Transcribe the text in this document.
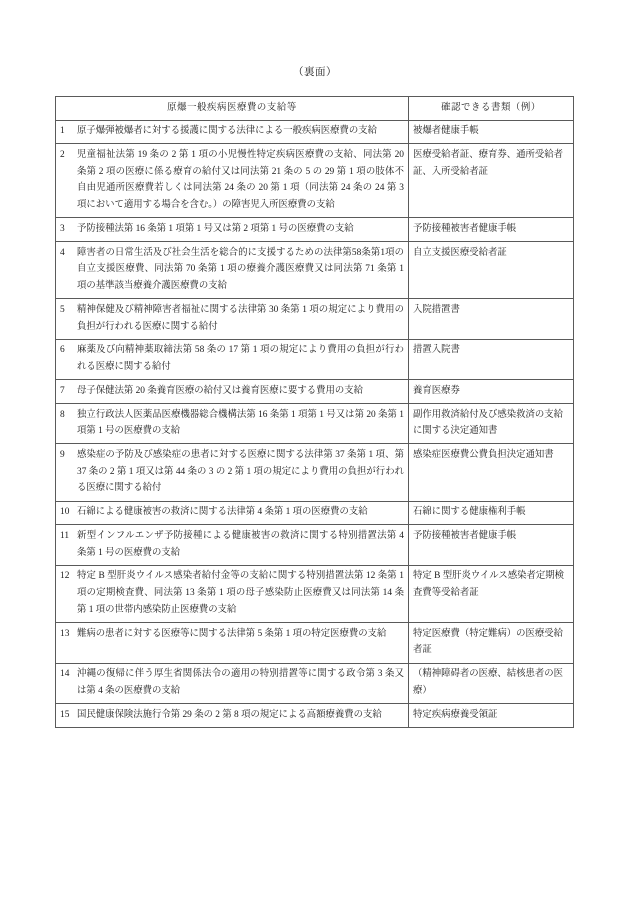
（裏面）
原爆一般疾病医療費の支給等	確認できる書類（例）

1 原子爆弾被爆者に対する援護に関する法律による一般疾病医療費の支給	被爆者健康手帳

2 児童福祉法第 19 条の 2 第 1 項の小児慢性特定疾病医療費の支給、同法第 20 条第 2 項の医療に係る療育の給付又は同法第 21 条の 5 の 29 第 1 項の肢体不自由児通所医療費若しくは同法第 24 条の 20 第 1 項（同法第 24 条の 24 第 3 項において適用する場合を含む。）の障害児入所医療費の支給	医療受給者証、療育券、通所受給者証、入所受給者証

3 予防接種法第 16 条第 1 項第 1 号又は第 2 項第 1 号の医療費の支給	予防接種被害者健康手帳

4 障害者の日常生活及び社会生活を総合的に支援するための法律第58条第1項の自立支援医療費、同法第 70 条第 1 項の療養介護医療費又は同法第 71 条第 1 項の基準該当療養介護医療費の支給	自立支援医療受給者証

5 精神保健及び精神障害者福祉に関する法律第 30 条第 1 項の規定により費用の負担が行われる医療に関する給付	入院措置書

6 麻薬及び向精神薬取締法第 58 条の 17 第 1 項の規定により費用の負担が行われる医療に関する給付	措置入院書

7 母子保健法第 20 条養育医療の給付又は養育医療に要する費用の支給	養育医療券

8 独立行政法人医薬品医療機器総合機構法第 16 条第 1 項第 1 号又は第 20 条第 1 項第 1 号の医療費の支給	副作用救済給付及び感染救済の支給に関する決定通知書

9 感染症の予防及び感染症の患者に対する医療に関する法律第 37 条第 1 項、第 37 条の 2 第 1 項又は第 44 条の 3 の 2 第 1 項の規定により費用の負担が行われる医療に関する給付	感染症医療費公費負担決定通知書

10 石綿による健康被害の救済に関する法律第 4 条第 1 項の医療費の支給	石綿に関する健康権利手帳

11 新型インフルエンザ予防接種による健康被害の救済に関する特別措置法第 4 条第 1 号の医療費の支給	予防接種被害者健康手帳

12 特定 B 型肝炎ウイルス感染者給付金等の支給に関する特別措置法第 12 条第 1 項の定期検査費、同法第 13 条第 1 項の母子感染防止医療費又は同法第 14 条第 1 項の世帯内感染防止医療費の支給	特定 B 型肝炎ウイルス感染者定期検査費等受給者証

13 難病の患者に対する医療等に関する法律第 5 条第 1 項の特定医療費の支給	特定医療費（特定難病）の医療受給者証

14 沖縄の復帰に伴う厚生省関係法令の適用の特別措置等に関する政令第 3 条又は第 4 条の医療費の支給	（精神障碍者の医療、結核患者の医療）

15 国民健康保険法施行令第 29 条の 2 第 8 項の規定による高額療養費の支給	特定疾病療養受領証
